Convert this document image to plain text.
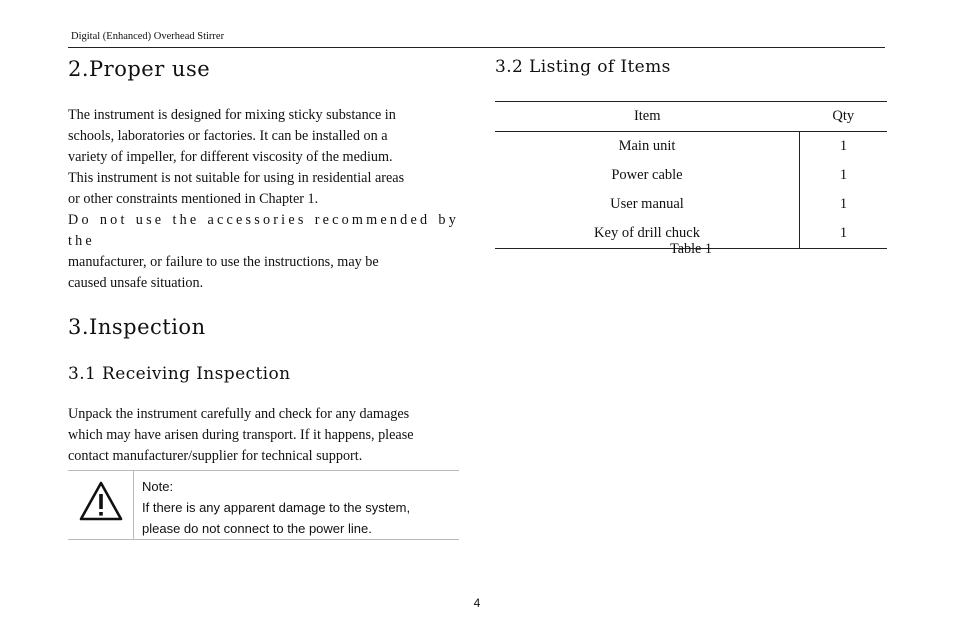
Digital (Enhanced) Overhead Stirrer
2.Proper use
The instrument is designed for mixing sticky substance in
schools, laboratories or factories. It can be installed on a
variety of impeller, for different viscosity of the medium.
This instrument is not suitable for using in residential areas
or other constraints mentioned in Chapter 1.
Do not use the accessories recommended by the
manufacturer, or failure to use the instructions, may be
caused unsafe situation.
3.Inspection
3.1 Receiving Inspection
Unpack the instrument carefully and check for any damages
which may have arisen during transport. If it happens, please
contact manufacturer/supplier for technical support.
Note:
If there is any apparent damage to the system,
please do not connect to the power line.
3.2 Listing of Items
Item	Qty
Main unit	1
Power cable	1
User manual	1
Key of drill chuck	1
Table 1
4
